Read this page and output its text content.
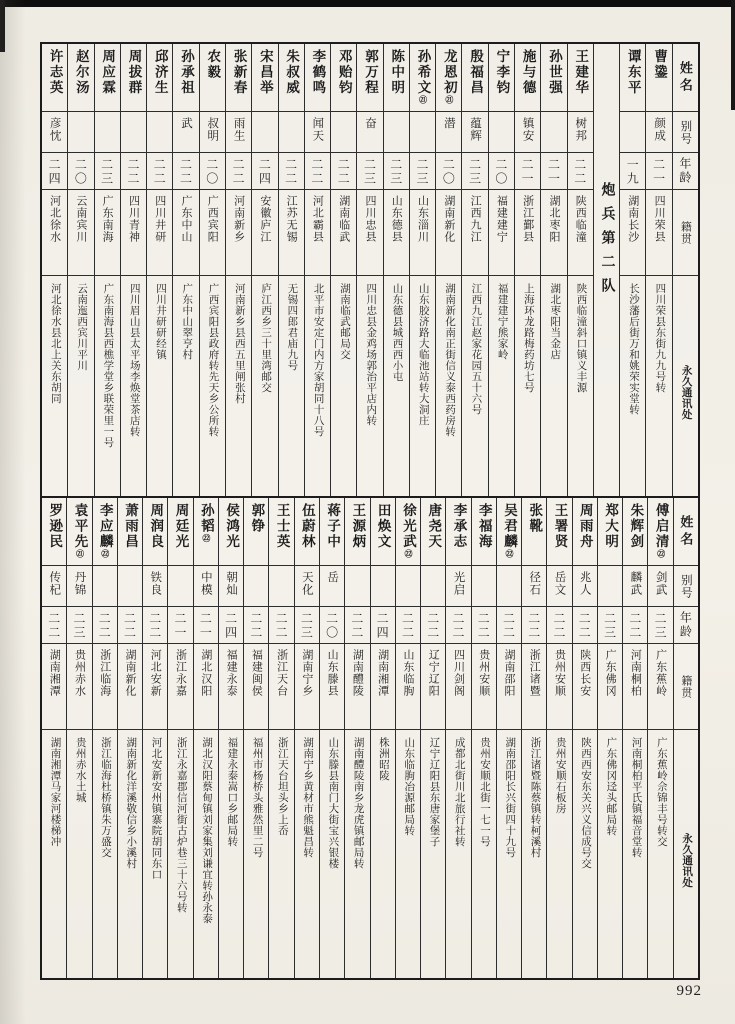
姓名
别号
年龄
籍贯
永久通讯处
曹鍌
颜成
二一
四川荣县
四川荣县东街九九号转
谭东平
一九
湖南长沙
长沙藩后街万和姚荣实堂转
炮兵第二队
王建华
树邦
二二
陕西临潼
陕西临潼斜口镇义丰源
孙世强
二一
湖北枣阳
湖北枣阳当金店
施与德
镇安
二一
浙江鄞县
上海环龙路梅药坊七号
宁李钧
二〇
福建建宁
福建建宁熊家岭
殷福昌
蕴辉
二三
江西九江
江西九江赵家花园五十六号
龙恩初㉑
潜
二〇
湖南新化
湖南新化南正街信义泰西药房转
孙希文㉑
二三
山东淄川
山东胶济路大临池站转大洞庄
陈中明
二三
山东德县
山东德县城西西小屯
郭万程
奋
二三
四川忠县
四川忠县金鸡场郭治平店内转
邓贻钧
二二
湖南临武
湖南临武邮局交
李鹤鸣
闻天
二二
河北霸县
北平市安定门内方家胡同十八号
朱叔威
二二
江苏无锡
无锡四郎君庙九号
宋昌举
二四
安徽庐江
庐江西乡三十里湾邮交
张新春
雨生
二二
河南新乡
河南新乡县西五里闸张村
农毅
叔明
二〇
广西宾阳
广西宾阳县政府转先天乡公所转
孙承祖
武
二二
广东中山
广东中山翠亨村
邱济生
二二
四川井研
四川井研研经镇
周拔群
二二
四川青神
四川眉山县太平场李焕堂茶店转
周应霖
二三
广东南海
广东南海县西樵学堂乡联荣里一号
赵尔汤
二〇
云南宾川
云南迤西宾川平川
许志英
彦忱
二四
河北徐水
河北徐水县北上关东胡同
姓名
别号
年龄
籍贯
永久通讯处
傅启清㉒
剑武
二三
广东蕉岭
广东蕉岭佘锦丰号转交
朱辉剑
麟武
二二
河南桐柏
河南桐柏平氏镇福音堂转
郑大明
二三
广东佛冈
广东佛冈迳头邮局转
周雨舟
兆人
二二
陕西长安
陕西西安东关兴义信成号交
王署贤
岳文
二二
贵州安顺
贵州安顺石板房
张靴
径石
二二
浙江诸暨
浙江诸暨陈蔡镇转柯溪村
吴君麟㉒
二二
湖南邵阳
湖南邵阳长兴街四十九号
李福海
二二
贵州安顺
贵州安顺北街一七一号
李承志
光启
二二
四川剑阁
成都北街川北旅行社转
唐尧天
二二
辽宁辽阳
辽宁辽阳县东唐家堡子
徐光武㉒
二二
山东临朐
山东临朐冶源邮局转
田焕文
二四
湖南湘潭
株洲昭陵
王源炳
二二
湖南醴陵
湖南醴陵南乡龙虎镇邮局转
蒋子中
岳
二〇
山东滕县
山东滕县南门大街宝兴银楼
伍蔚林
天化
二三
湖南宁乡
湖南宁乡黄材市熊魁昌转
王士英
二二
浙江天台
浙江天台坦头乡上岙
郭铮
二二
福建闽侯
福州市杨桥头雅然里二号
侯鸿光
朝灿
二四
福建永泰
福建永泰嵩口乡邮局转
孙韬㉒
中模
二一
湖北汉阳
湖北汉阳蔡甸镇刘家集刘谦宜转孙永泰
周廷光
二一
浙江永嘉
浙江永嘉郡信河街古炉巷三十六号转
周润良
铁良
二二
河北安新
河北安新安州镇寨院胡同东口
萧雨昌
二二
湖南新化
湖南新化洋溪敬信乡小溪村
李应麟㉒
二二
浙江临海
浙江临海杜桥镇朱万盛交
袁平先㉑
丹锦
二三
贵州赤水
贵州赤水土城
罗逊民
传杞
二二
湖南湘潭
湖南湘潭马家河楼梯冲
992
